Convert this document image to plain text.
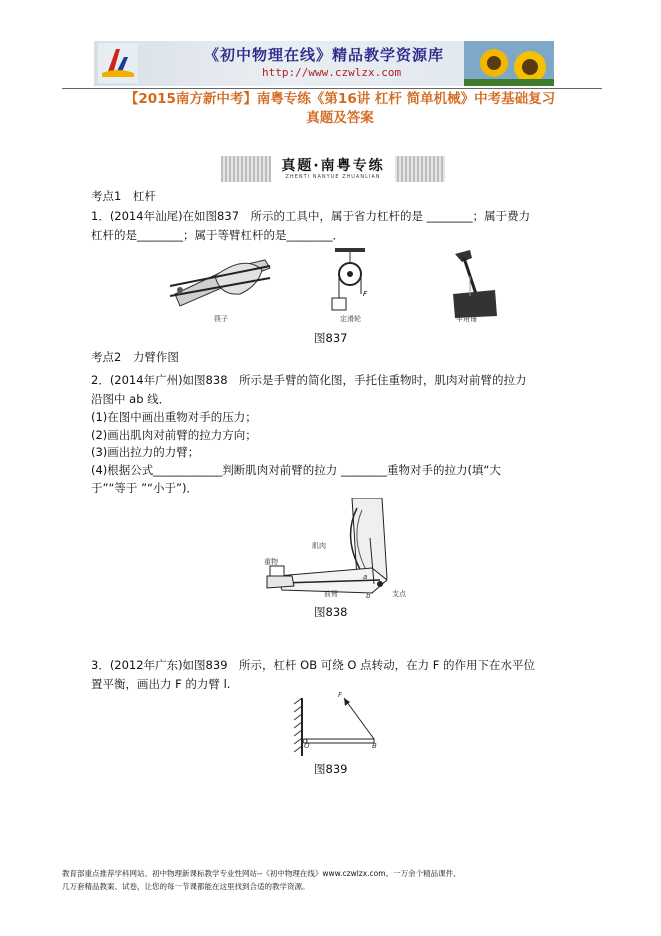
《初中物理在线》精品教学资源库
http://www.czwlzx.com
【2015南方新中考】南粤专练《第16讲 杠杆 简单机械》中考基础复习
真题及答案
真题·南粤专练
ZHENTI NANYUE ZHUANLIAN
考点1　杠杆
1．(2014年汕尾)在如图837　所示的工具中，属于省力杠杆的是 ________；属于费力
杠杆的是________；属于等臂杠杆的是________．
F
筷子	定滑轮	羊角锤
图837
考点2　力臂作图
2．(2014年广州)如图838　所示是手臂的简化图，手托住重物时，肌肉对前臂的拉力
沿图中 ab 线．
(1)在图中画出重物对手的压力；
(2)画出肌肉对前臂的拉力方向；
(3)画出拉力的力臂；
(4)根据公式____________判断肌肉对前臂的拉力 ________重物对手的拉力(填“大
于”“等于 ”“小于”)．
肌肉
重物
前臂	支点
a
b
图838
3．(2012年广东)如图839　所示，杠杆 OB 可绕 O 点转动，在力 F 的作用下在水平位
置平衡，画出力 F 的力臂 l.
F
O	B
图839
教育部重点推荐学科网站、初中物理新课标教学专业性网站--《初中物理在线》www.czwlzx.com。一万余个精品课件、
几万套精品教案、试卷，让您的每一节课都能在这里找到合适的教学资源。
